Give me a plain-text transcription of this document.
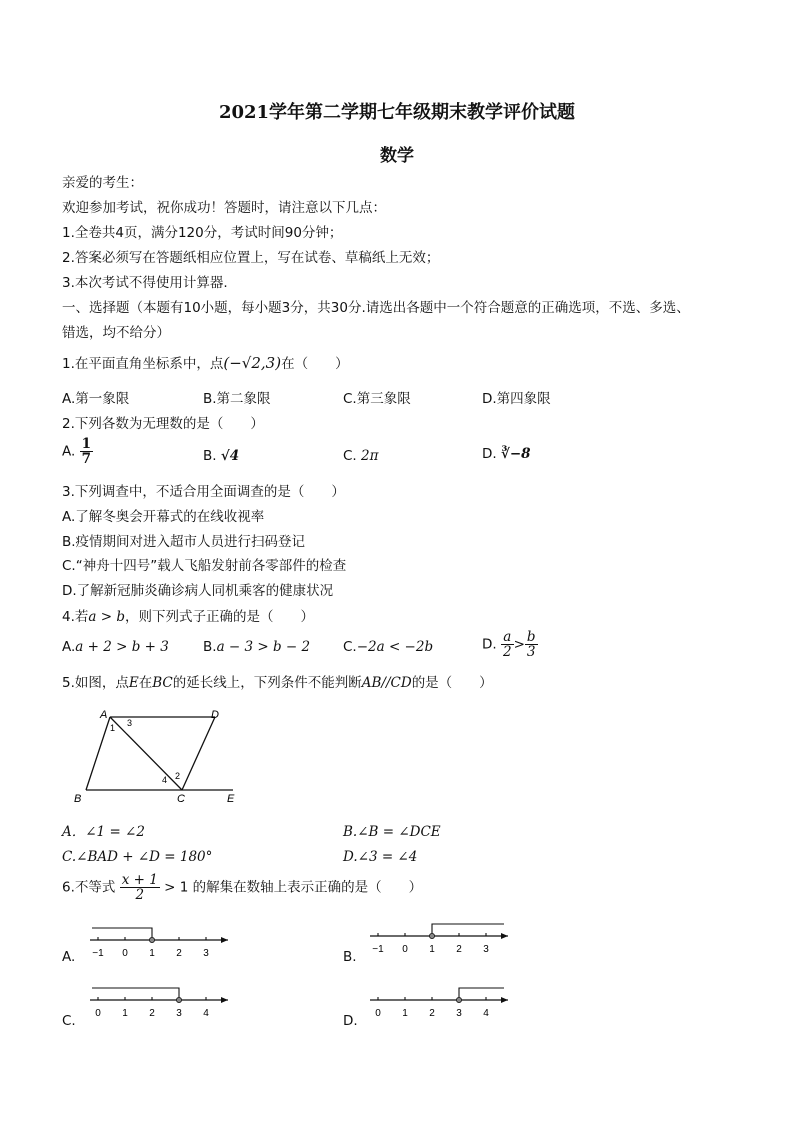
2021学年第二学期七年级期末教学评价试题
数学
亲爱的考生：
欢迎参加考试，祝你成功！答题时，请注意以下几点：
1.全卷共4页，满分120分，考试时间90分钟；
2.答案必须写在答题纸相应位置上，写在试卷、草稿纸上无效；
3.本次考试不得使用计算器.
一、选择题（本题有10小题，每小题3分，共30分.请选出各题中一个符合题意的正确选项，不选、多选、
错选，均不给分）
1.在平面直角坐标系中，点(−√2,3)在（　　）
A.第一象限	B.第二象限	C.第三象限	D.第四象限
2.下列各数为无理数的是（　　）
A. $\frac{1}{7}$	B. √4	C. 2π	D. ∛−8
3.下列调查中，不适合用全面调查的是（　　）
A.了解冬奥会开幕式的在线收视率
B.疫情期间对进入超市人员进行扫码登记
C.“神舟十四号”载人飞船发射前各零部件的检查
D.了解新冠肺炎确诊病人同机乘客的健康状况
4.若a > b，则下列式子正确的是（　　）
A.a + 2 > b + 3	B.a − 3 > b − 2 C.−2a < −2b	D. $\frac{a}{2} > \frac{b}{3}$
5.如图，点E在BC的延长线上，下列条件不能判断AB//CD的是（　　）
A	D
B	C	E
1 3
4 2
A．∠1 = ∠2	B.∠B = ∠DCE
C.∠BAD + ∠D = 180°	D.∠3 = ∠4
6.不等式 $\frac{x + 1}{2} > 1$ 的解集在数轴上表示正确的是（　　）
A.	B.
C.	D.
−1 0 1 2 3	−1 0 1 2 3
0 1 2 3 4	0 1 2 3 4
